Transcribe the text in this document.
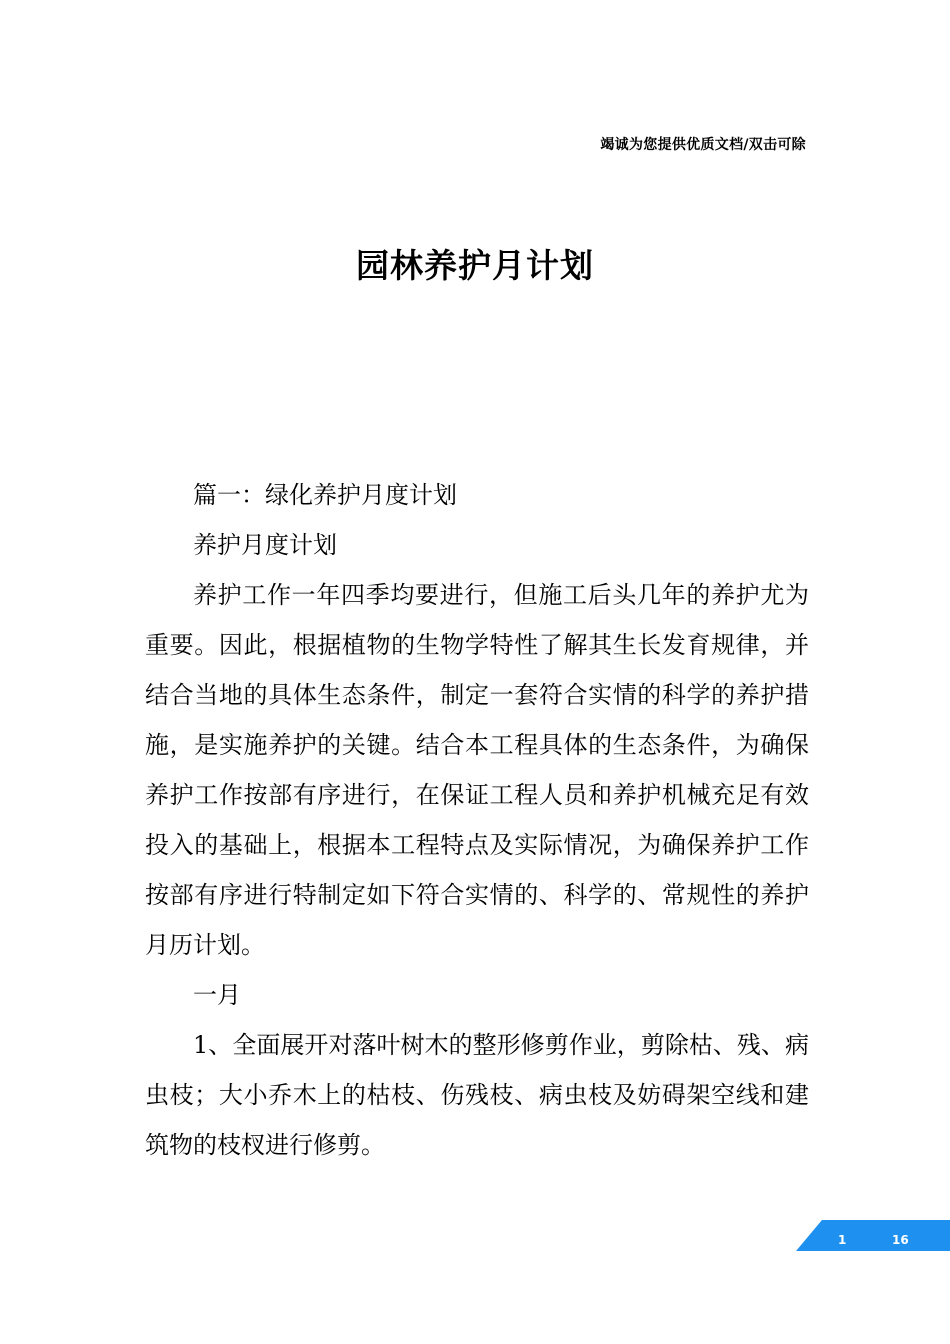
竭诚为您提供优质文档/双击可除
园林养护月计划

篇一：绿化养护月度计划

养护月度计划

养护工作一年四季均要进行，但施工后头几年的养护尤为重要。因此，根据植物的生物学特性了解其生长发育规律，并结合当地的具体生态条件，制定一套符合实情的科学的养护措施，是实施养护的关键。结合本工程具体的生态条件，为确保养护工作按部有序进行，在保证工程人员和养护机械充足有效投入的基础上，根据本工程特点及实际情况，为确保养护工作按部有序进行特制定如下符合实情的、科学的、常规性的养护月历计划。

一月

1、全面展开对落叶树木的整形修剪作业，剪除枯、残、病虫枝；大小乔木上的枯枝、伤残枝、病虫枝及妨碍架空线和建筑物的枝杈进行修剪。

1	16
